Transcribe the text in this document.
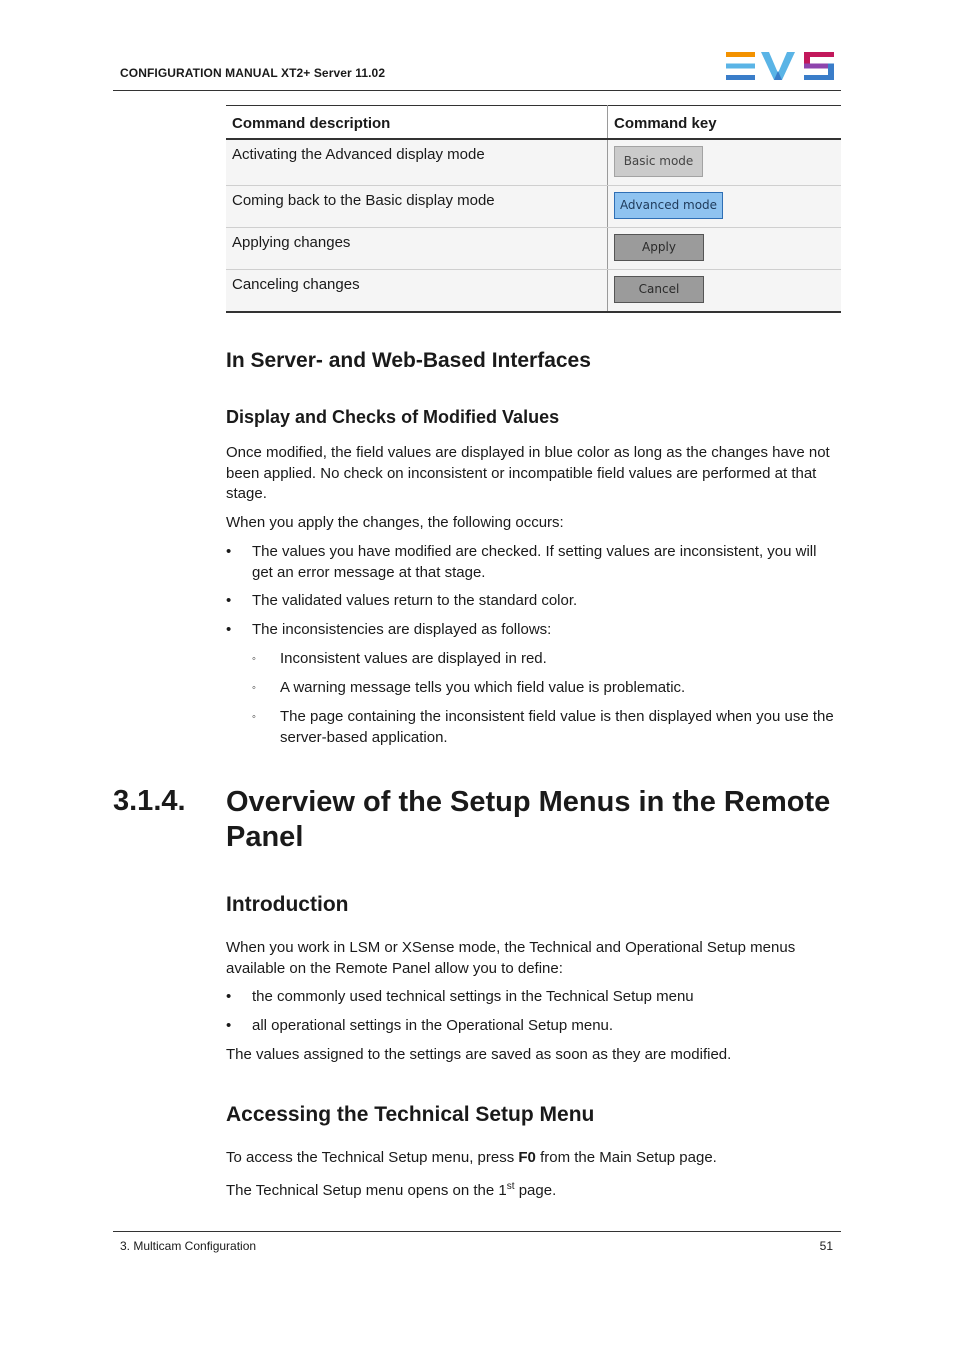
CONFIGURATION MANUAL XT2+ Server 11.02
Command description	Command key
Activating the Advanced display mode	Basic mode
Coming back to the Basic display mode	Advanced mode
Applying changes	Apply
Canceling changes	Cancel
In Server- and Web-Based Interfaces
Display and Checks of Modified Values
Once modified, the field values are displayed in blue color as long as the changes have not been applied. No check on inconsistent or incompatible field values are performed at that stage.
When you apply the changes, the following occurs:
• The values you have modified are checked. If setting values are inconsistent, you will get an error message at that stage.
• The validated values return to the standard color.
• The inconsistencies are displayed as follows:
◦ Inconsistent values are displayed in red.
◦ A warning message tells you which field value is problematic.
◦ The page containing the inconsistent field value is then displayed when you use the server-based application.
3.1.4. Overview of the Setup Menus in the Remote Panel
Introduction
When you work in LSM or XSense mode, the Technical and Operational Setup menus available on the Remote Panel allow you to define:
• the commonly used technical settings in the Technical Setup menu
• all operational settings in the Operational Setup menu.
The values assigned to the settings are saved as soon as they are modified.
Accessing the Technical Setup Menu
To access the Technical Setup menu, press F0 from the Main Setup page.
The Technical Setup menu opens on the 1st page.
3. Multicam Configuration	51
